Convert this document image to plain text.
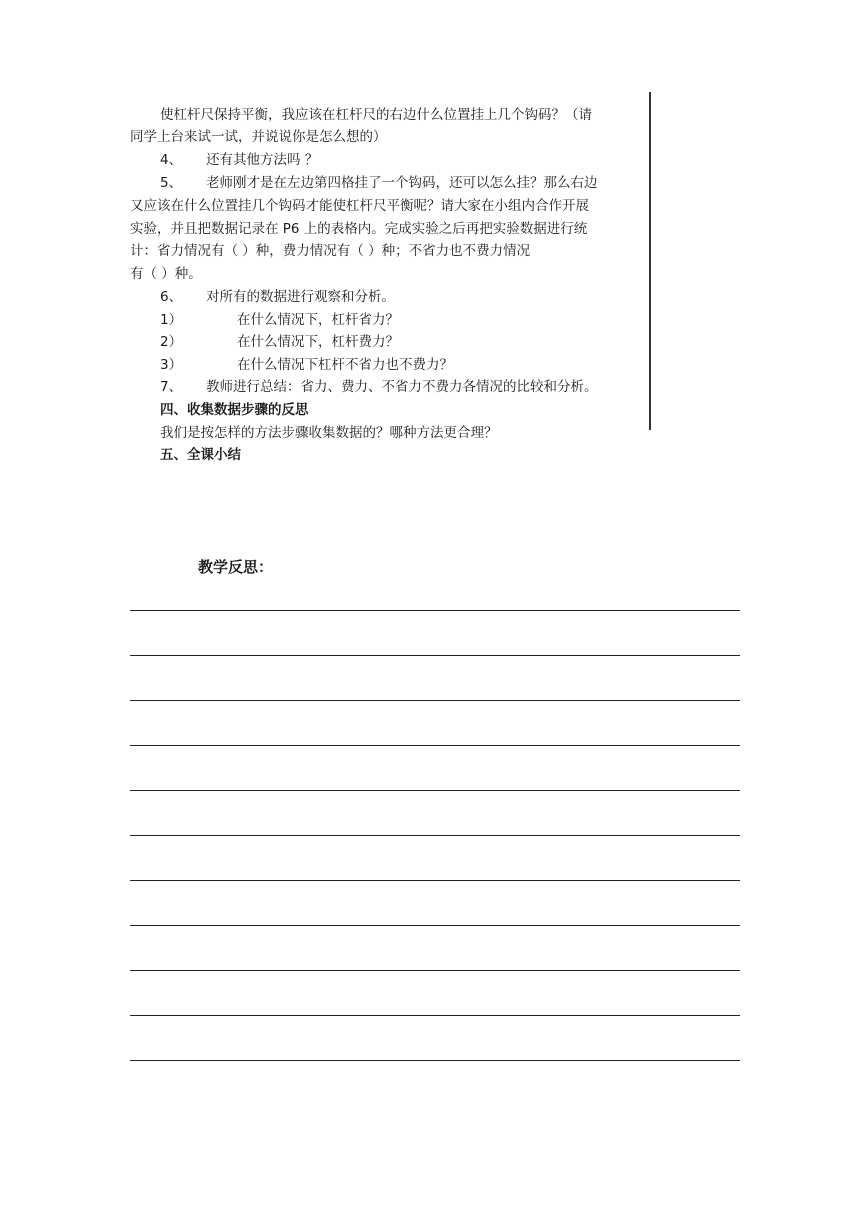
使杠杆尺保持平衡，我应该在杠杆尺的右边什么位置挂上几个钩码？（请
同学上台来试一试，并说说你是怎么想的）
4、 还有其他方法吗 ？
5、 老师刚才是在左边第四格挂了一个钩码，还可以怎么挂？那么右边
又应该在什么位置挂几个钩码才能使杠杆尺平衡呢？请大家在小组内合作开展
实验，并且把数据记录在 P6 上的表格内。完成实验之后再把实验数据进行统
计：省力情况有（ ）种，费力情况有（ ）种；不省力也不费力情况
有（ ）种。
6、 对所有的数据进行观察和分析。
1）	在什么情况下，杠杆省力？
2）	在什么情况下，杠杆费力？
3）	在什么情况下杠杆不省力也不费力？
7、 教师进行总结：省力、费力、不省力不费力各情况的比较和分析。
四、收集数据步骤的反思
我们是按怎样的方法步骤收集数据的？哪种方法更合理？
五、全课小结
教学反思：
